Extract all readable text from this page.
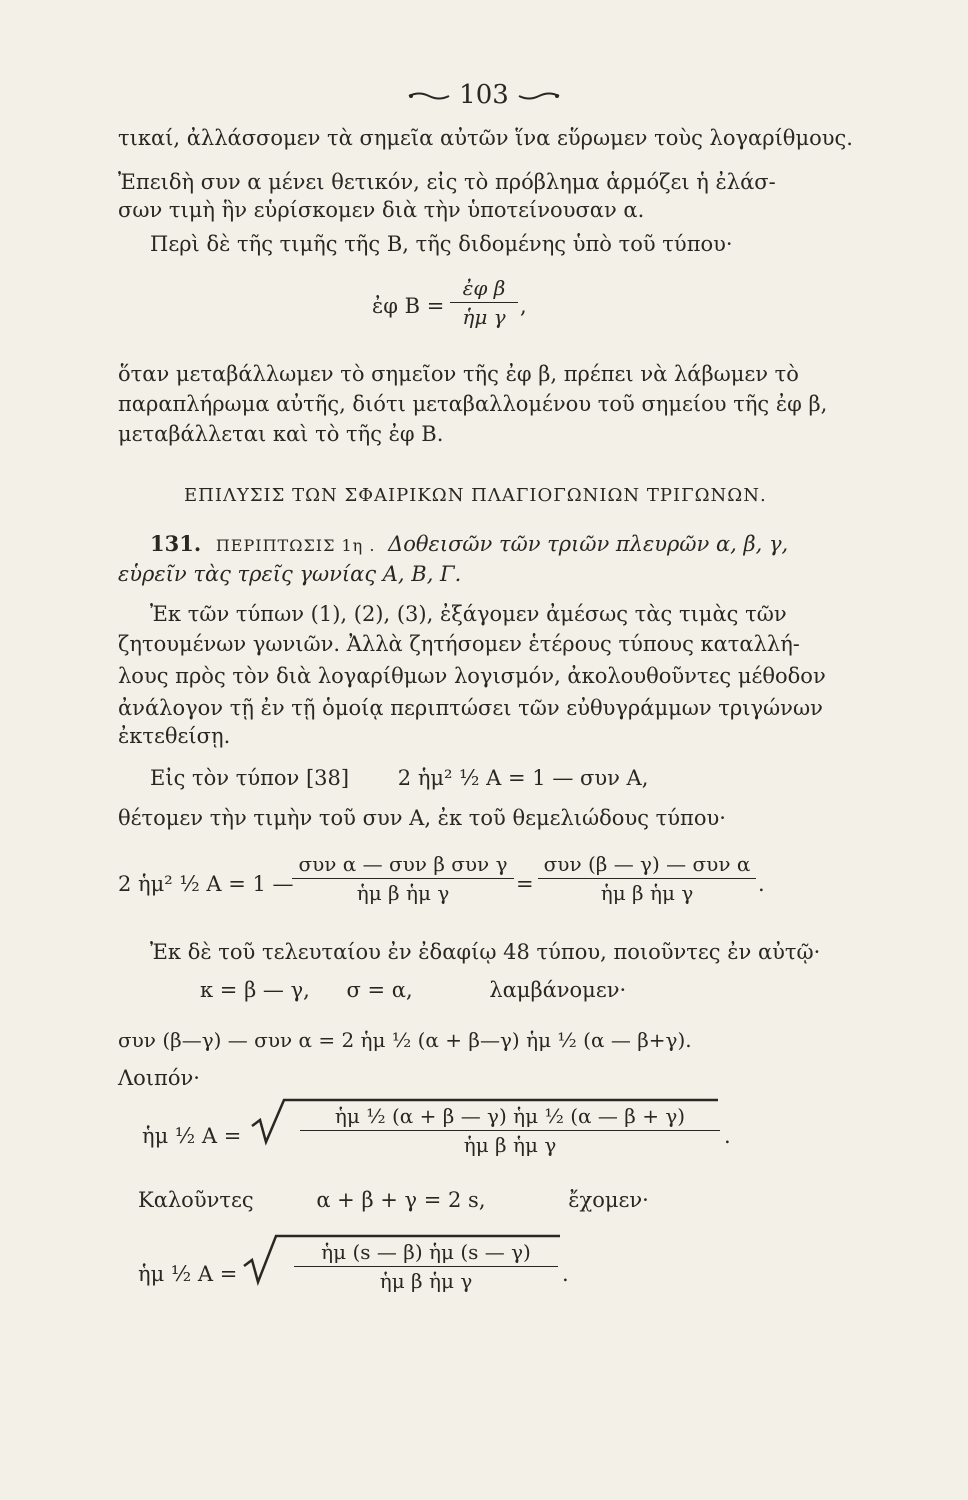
103
τικαί, ἀλλάσσομεν τὰ σημεῖα αὐτῶν ἵνα εὕρωμεν τοὺς λογαρίθμους.
Ἐπειδὴ συν α μένει θετικόν, εἰς τὸ πρόβλημα ἁρμόζει ἡ ἐλάσ-
σων τιμὴ ἣν εὑρίσκομεν διὰ τὴν ὑποτείνουσαν α.
Περὶ δὲ τῆς τιμῆς τῆς Β, τῆς διδομένης ὑπὸ τοῦ τύπου·
ἐφ $B = \frac{\text{ἐφ β}}{\text{ἡμ γ}}$ ,
ὅταν μεταβάλλωμεν τὸ σημεῖον τῆς ἐφ β, πρέπει νὰ λάβωμεν τὸ
παραπλήρωμα αὐτῆς, διότι μεταβαλλομένου τοῦ σημείου τῆς ἐφ β,
μεταβάλλεται καὶ τὸ τῆς ἐφ Β.
ΕΠΙΛΥΣΙΣ ΤΩΝ ΣΦΑΙΡΙΚΩΝ ΠΛΑΓΙΟΓΩΝΙΩΝ ΤΡΙΓΩΝΩΝ.
131. ΠΕΡΙΠΤΩΣΙΣ 1η . Δοθεισῶν τῶν τριῶν πλευρῶν α, β, γ,
εὑρεῖν τὰς τρεῖς γωνίας Α, Β, Γ.
Ἐκ τῶν τύπων (1), (2), (3), ἐξάγομεν ἀμέσως τὰς τιμὰς τῶν
ζητουμένων γωνιῶν. Ἀλλὰ ζητήσομεν ἑτέρους τύπους καταλλή-
λους πρὸς τὸν διὰ λογαρίθμων λογισμόν, ἀκολουθοῦντες μέθοδον
ἀνάλογον τῇ ἐν τῇ ὁμοίᾳ περιπτώσει τῶν εὐθυγράμμων τριγώνων
ἐκτεθείσῃ.
Εἰς τὸν τύπον [38] 2 ἡμ² ½ Α = 1 — συν Α,
θέτομεν τὴν τιμὴν τοῦ συν Α, ἐκ τοῦ θεμελιώδους τύπου·
2 ἡμ² ½ Α = 1 —
συν α — συν β συν γ
ἡμ β ἡμ γ	=
συν (β — γ) — συν α
ἡμ β ἡμ γ	.
Ἐκ δὲ τοῦ τελευταίου ἐν ἐδαφίῳ 48 τύπου, ποιοῦντες ἐν αὐτῷ·
κ = β — γ, σ = α,	λαμβάνομεν·
συν (β—γ) — συν α = 2 ἡμ ½ (α + β—γ) ἡμ ½ (α — β+γ).
Λοιπόν·
ἡμ ½ Α =	$\frac{\text{ἡμ ½ (α + β — γ) ἡμ ½ (α — β + γ)}}{\text{ἡμ β ἡμ γ}}$ .
Καλοῦντες	α + β + γ = 2 s,	ἔχομεν·
ἡμ ½ Α =	$\frac{\text{ἡμ (s — β) ἡμ (s — γ)}}{\text{ἡμ β ἡμ γ}}$ .
